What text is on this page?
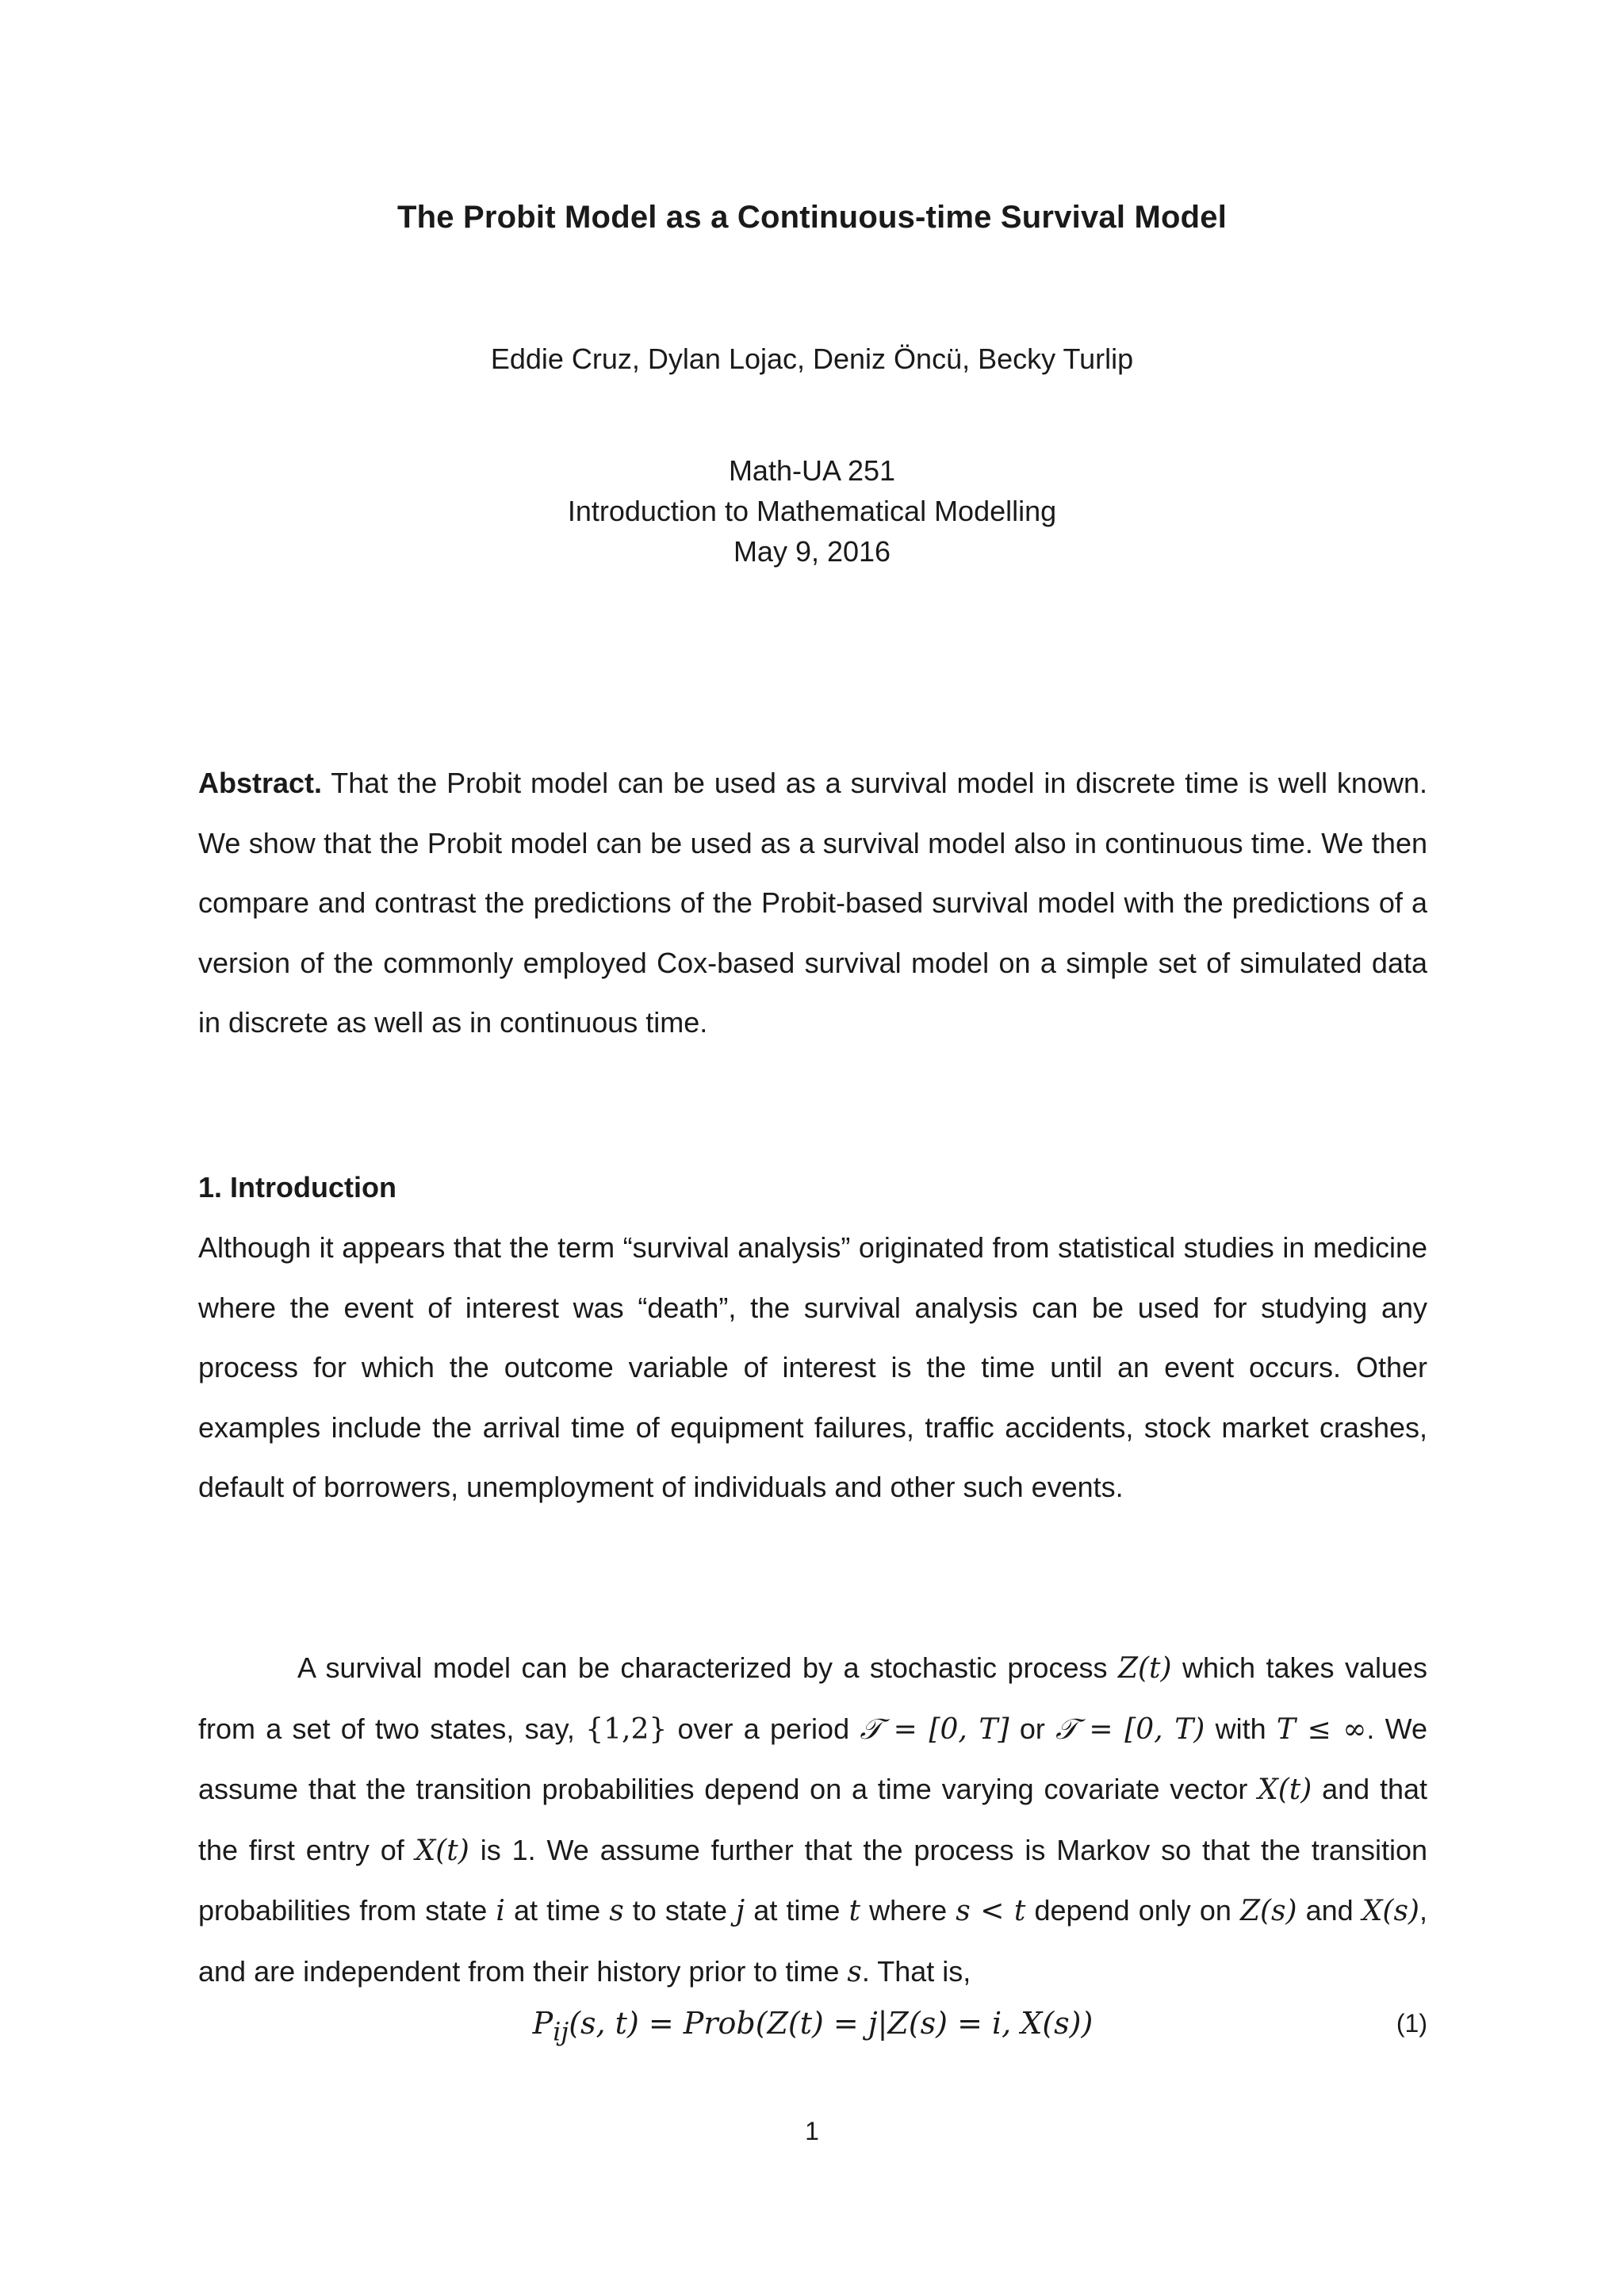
The Probit Model as a Continuous-time Survival Model
Eddie Cruz, Dylan Lojac, Deniz Öncü, Becky Turlip
Math-UA 251
Introduction to Mathematical Modelling
May 9, 2016
Abstract. That the Probit model can be used as a survival model in discrete time is well known. We show that the Probit model can be used as a survival model also in continuous time. We then compare and contrast the predictions of the Probit-based survival model with the predictions of a version of the commonly employed Cox-based survival model on a simple set of simulated data in discrete as well as in continuous time.
1. Introduction
Although it appears that the term “survival analysis” originated from statistical studies in medicine where the event of interest was “death”, the survival analysis can be used for studying any process for which the outcome variable of interest is the time until an event occurs. Other examples include the arrival time of equipment failures, traffic accidents, stock market crashes, default of borrowers, unemployment of individuals and other such events.
A survival model can be characterized by a stochastic process Z(t) which takes values from a set of two states, say, {1,2} over a period 𝒯 = [0, T] or 𝒯 = [0, T) with T ≤ ∞. We assume that the transition probabilities depend on a time varying covariate vector X(t) and that the first entry of X(t) is 1. We assume further that the process is Markov so that the transition probabilities from state i at time s to state j at time t where s < t depend only on Z(s) and X(s), and are independent from their history prior to time s. That is,
$P_{ij}(s$, t) = Prob(Z(t) = j|Z(s) = i, X(s))	(1)
1
